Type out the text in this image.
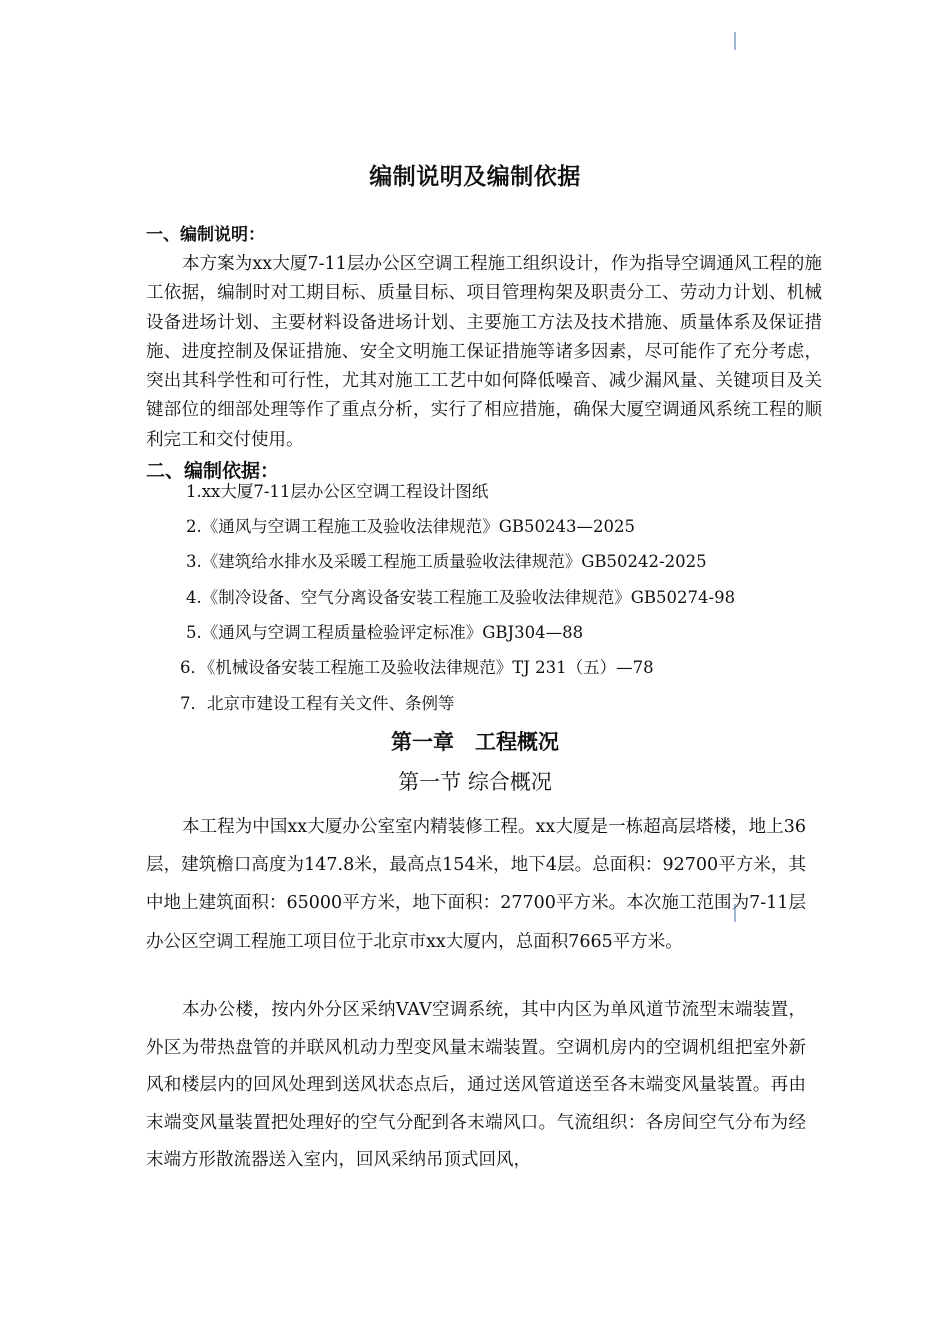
编制说明及编制依据
一、编制说明：

本方案为xx大厦7-11层办公区空调工程施工组织设计，作为指导空调通风工程的施工依据，编制时对工期目标、质量目标、项目管理构架及职责分工、劳动力计划、机械设备进场计划、主要材料设备进场计划、主要施工方法及技术措施、质量体系及保证措施、进度控制及保证措施、安全文明施工保证措施等诸多因素，尽可能作了充分考虑，突出其科学性和可行性，尤其对施工工艺中如何降低噪音、减少漏风量、关键项目及关键部位的细部处理等作了重点分析，实行了相应措施，确保大厦空调通风系统工程的顺利完工和交付使用。

二、编制依据：

1.xx大厦7-11层办公区空调工程设计图纸

2.《通风与空调工程施工及验收法律规范》GB50243—2025

3.《建筑给水排水及采暖工程施工质量验收法律规范》GB50242-2025

4.《制冷设备、空气分离设备安装工程施工及验收法律规范》GB50274-98

5.《通风与空调工程质量检验评定标准》GBJ304—88

6．《机械设备安装工程施工及验收法律规范》TJ 231（五）—78

7．北京市建设工程有关文件、条例等

第一章　工程概况
第一节 综合概况

本工程为中国xx大厦办公室室内精装修工程。xx大厦是一栋超高层塔楼，地上36层，建筑檐口高度为147.8米，最高点154米，地下4层。总面积：92700平方米，其中地上建筑面积：65000平方米，地下面积：27700平方米。本次施工范围为7-11层办公区空调工程施工项目位于北京市xx大厦内，总面积7665平方米。

本办公楼，按内外分区采纳VAV空调系统，其中内区为单风道节流型末端装置，外区为带热盘管的并联风机动力型变风量末端装置。空调机房内的空调机组把室外新风和楼层内的回风处理到送风状态点后，通过送风管道送至各末端变风量装置。再由末端变风量装置把处理好的空气分配到各末端风口。气流组织：各房间空气分布为经末端方形散流器送入室内，回风采纳吊顶式回风，
